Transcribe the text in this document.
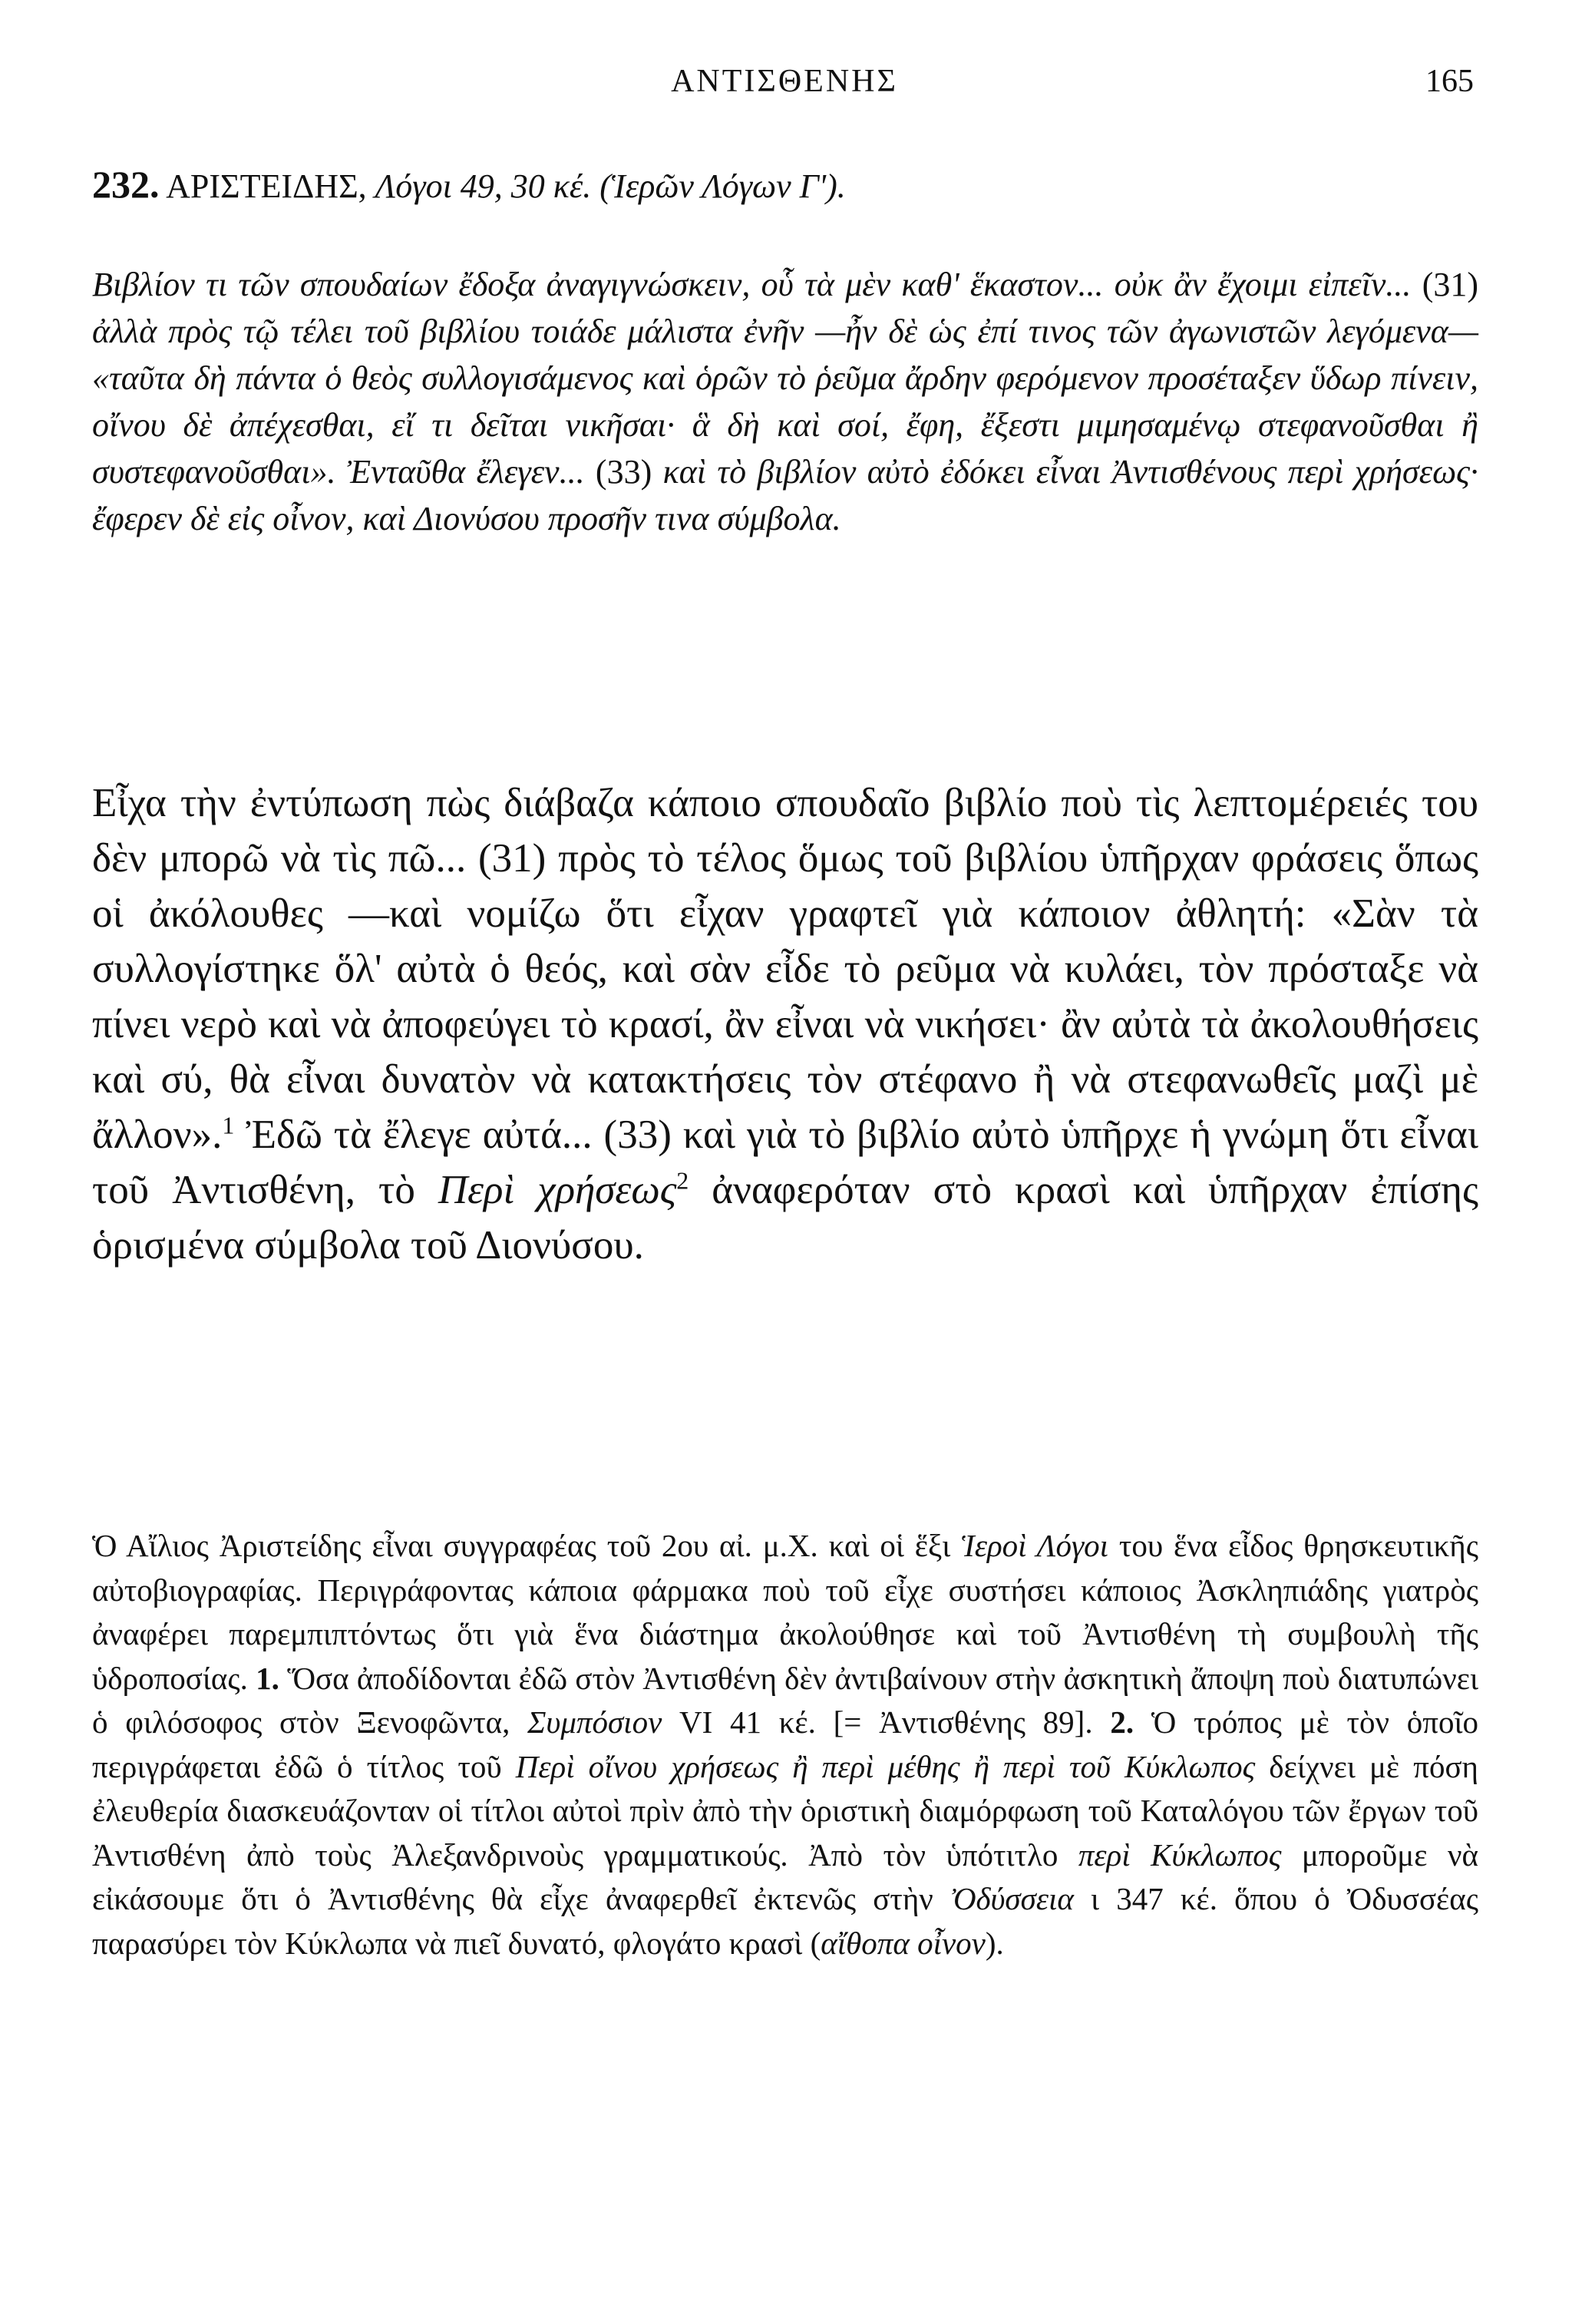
ΑΝΤΙΣΘΕΝΗΣ	165
232. ΑΡΙΣΤΕΙΔΗΣ, Λόγοι 49, 30 κέ. (Ἱερῶν Λόγων Γ').
Βιβλίον τι τῶν σπουδαίων ἔδοξα ἀναγιγνώσκειν, οὗ τὰ μὲν καθ' ἕκαστον... οὐκ ἂν ἔχοιμι εἰπεῖν... (31) ἀλλὰ πρὸς τῷ τέλει τοῦ βιβλίου τοιάδε μάλιστα ἐνῆν —ἦν δὲ ὡς ἐπί τινος τῶν ἀγωνιστῶν λεγόμενα— «ταῦτα δὴ πάντα ὁ θεὸς συλλογισάμενος καὶ ὁρῶν τὸ ῥεῦμα ἄρδην φερόμενον προσέταξεν ὕδωρ πίνειν, οἴνου δὲ ἀπέχεσθαι, εἴ τι δεῖται νικῆσαι· ἃ δὴ καὶ σοί, ἔφη, ἔξεστι μιμησαμένῳ στεφανοῦσθαι ἢ συστεφανοῦσθαι». Ἐνταῦθα ἔλεγεν... (33) καὶ τὸ βιβλίον αὐτὸ ἐδόκει εἶναι Ἀντισθένους περὶ χρήσεως· ἔφερεν δὲ εἰς οἶνον, καὶ Διονύσου προσῆν τινα σύμβολα.
Εἶχα τὴν ἐντύπωση πὼς διάβαζα κάποιο σπουδαῖο βιβλίο ποὺ τὶς λεπτομέρειές του δὲν μπορῶ νὰ τὶς πῶ... (31) πρὸς τὸ τέλος ὅμως τοῦ βιβλίου ὑπῆρχαν φράσεις ὅπως οἱ ἀκόλουθες —καὶ νομίζω ὅτι εἶχαν γραφτεῖ γιὰ κάποιον ἀθλητή: «Σὰν τὰ συλλογίστηκε ὅλ' αὐτὰ ὁ θεός, καὶ σὰν εἶδε τὸ ρεῦμα νὰ κυλάει, τὸν πρόσταξε νὰ πίνει νερὸ καὶ νὰ ἀποφεύγει τὸ κρασί, ἂν εἶναι νὰ νικήσει· ἂν αὐτὰ τὰ ἀκολουθήσεις καὶ σύ, θὰ εἶναι δυνατὸν νὰ κατακτήσεις τὸν στέφανο ἢ νὰ στεφανωθεῖς μαζὶ μὲ ἄλλον».$^1$ Ἐδῶ τὰ ἔλεγε αὐτά... (33) καὶ γιὰ τὸ βιβλίο αὐτὸ ὑπῆρχε ἡ γνώμη ὅτι εἶναι τοῦ Ἀντισθένη, τὸ Περὶ χρήσεως$^2$ ἀναφερόταν στὸ κρασὶ καὶ ὑπῆρχαν ἐπίσης ὁρισμένα σύμβολα τοῦ Διονύσου.
Ὁ Αἴλιος Ἀριστείδης εἶναι συγγραφέας τοῦ 2ου αἰ. μ.Χ. καὶ οἱ ἕξι Ἱεροὶ Λόγοι του ἕνα εἶδος θρησκευτικῆς αὐτοβιογραφίας. Περιγράφοντας κάποια φάρμακα ποὺ τοῦ εἶχε συστήσει κάποιος Ἀσκληπιάδης γιατρὸς ἀναφέρει παρεμπιπτόντως ὅτι γιὰ ἕνα διάστημα ἀκολούθησε καὶ τοῦ Ἀντισθένη τὴ συμβουλὴ τῆς ὑδροποσίας. 1. Ὅσα ἀποδίδονται ἐδῶ στὸν Ἀντισθένη δὲν ἀντιβαίνουν στὴν ἀσκητικὴ ἄποψη ποὺ διατυπώνει ὁ φιλόσοφος στὸν Ξενοφῶντα, Συμπόσιον VI 41 κέ. [= Ἀντισθένης 89]. 2. Ὁ τρόπος μὲ τὸν ὁποῖο περιγράφεται ἐδῶ ὁ τίτλος τοῦ Περὶ οἴνου χρήσεως ἢ περὶ μέθης ἢ περὶ τοῦ Κύκλωπος δείχνει μὲ πόση ἐλευθερία διασκευάζονταν οἱ τίτλοι αὐτοὶ πρὶν ἀπὸ τὴν ὁριστικὴ διαμόρφωση τοῦ Καταλόγου τῶν ἔργων τοῦ Ἀντισθένη ἀπὸ τοὺς Ἀλεξανδρινοὺς γραμματικούς. Ἀπὸ τὸν ὑπότιτλο περὶ Κύκλωπος μποροῦμε νὰ εἰκάσουμε ὅτι ὁ Ἀντισθένης θὰ εἶχε ἀναφερθεῖ ἐκτενῶς στὴν Ὀδύσσεια ι 347 κέ. ὅπου ὁ Ὀδυσσέας παρασύρει τὸν Κύκλωπα νὰ πιεῖ δυνατό, φλογάτο κρασὶ (αἴθοπα οἶνον).
